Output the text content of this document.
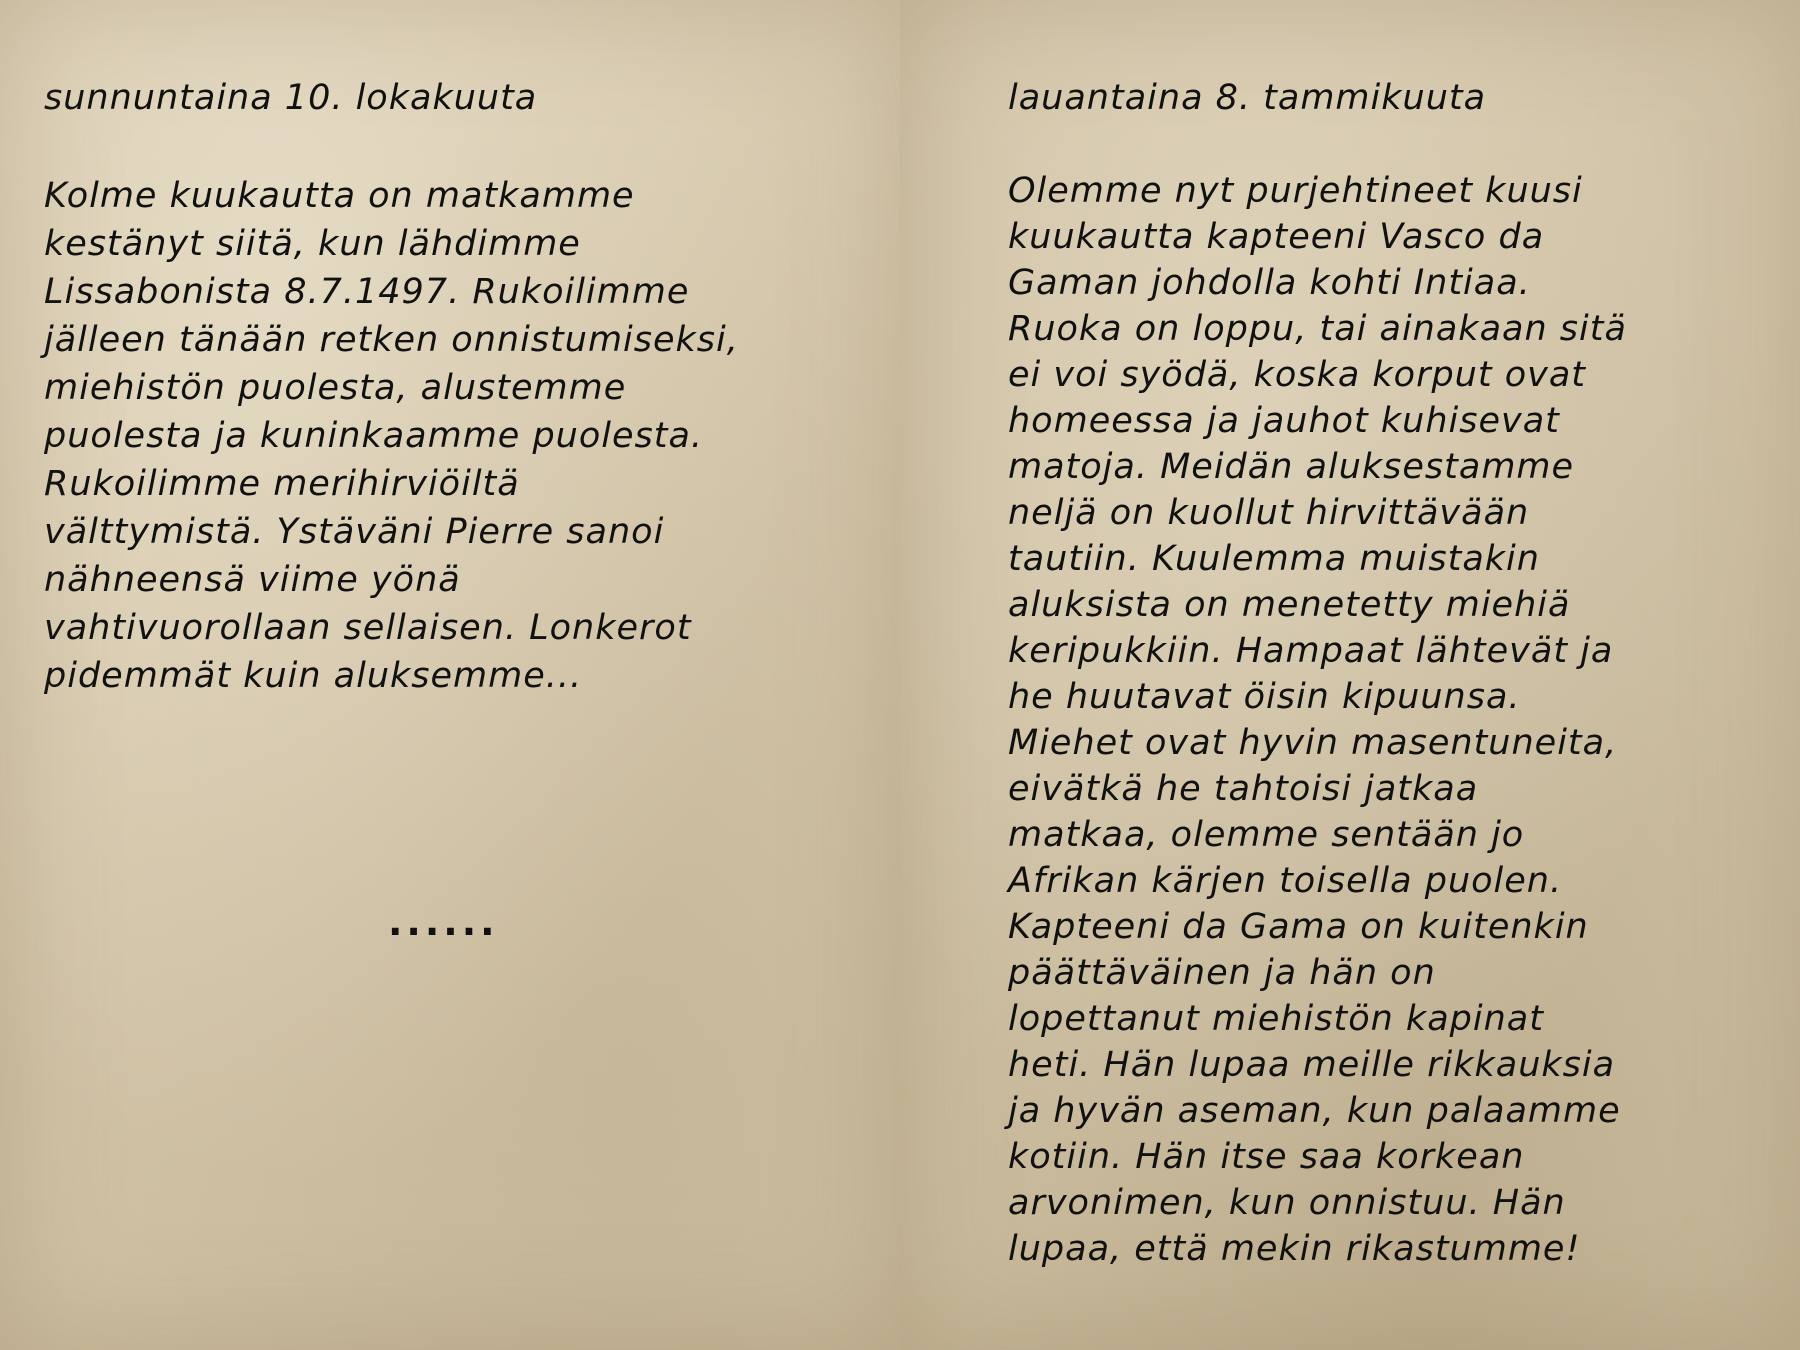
sunnuntaina 10. lokakuuta
Kolme kuukautta on matkamme
kestänyt siitä, kun lähdimme
Lissabonista 8.7.1497. Rukoilimme
jälleen tänään retken onnistumiseksi,
miehistön puolesta, alustemme
puolesta ja kuninkaamme puolesta.
Rukoilimme merihirviöiltä
välttymistä. Ystäväni Pierre sanoi
nähneensä viime yönä
vahtivuorollaan sellaisen. Lonkerot
pidemmät kuin aluksemme...
......
lauantaina 8. tammikuuta
Olemme nyt purjehtineet kuusi
kuukautta kapteeni Vasco da
Gaman johdolla kohti Intiaa.
Ruoka on loppu, tai ainakaan sitä
ei voi syödä, koska korput ovat
homeessa ja jauhot kuhisevat
matoja. Meidän aluksestamme
neljä on kuollut hirvittävään
tautiin. Kuulemma muistakin
aluksista on menetetty miehiä
keripukkiin. Hampaat lähtevät ja
he huutavat öisin kipuunsa.
Miehet ovat hyvin masentuneita,
eivätkä he tahtoisi jatkaa
matkaa, olemme sentään jo
Afrikan kärjen toisella puolen.
Kapteeni da Gama on kuitenkin
päättäväinen ja hän on
lopettanut miehistön kapinat
heti. Hän lupaa meille rikkauksia
ja hyvän aseman, kun palaamme
kotiin. Hän itse saa korkean
arvonimen, kun onnistuu. Hän
lupaa, että mekin rikastumme!
